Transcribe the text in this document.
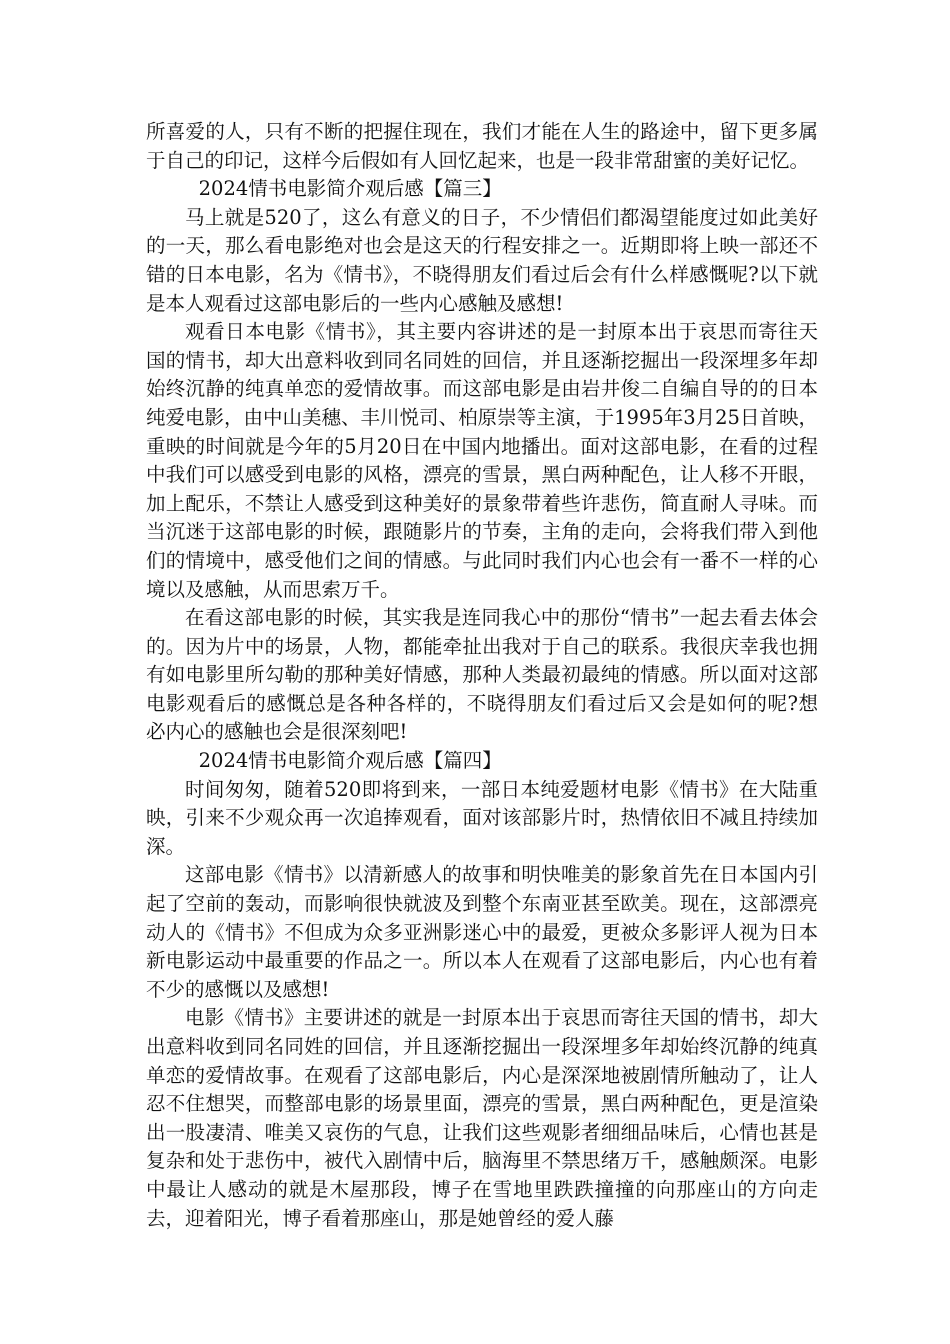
所喜爱的人，只有不断的把握住现在，我们才能在人生的路途中，留下更多属于自己的印记，这样今后假如有人回忆起来，也是一段非常甜蜜的美好记忆。

2024情书电影简介观后感【篇三】

马上就是520了，这么有意义的日子，不少情侣们都渴望能度过如此美好的一天，那么看电影绝对也会是这天的行程安排之一。近期即将上映一部还不错的日本电影，名为《情书》，不晓得朋友们看过后会有什么样感慨呢?以下就是本人观看过这部电影后的一些内心感触及感想!

观看日本电影《情书》，其主要内容讲述的是一封原本出于哀思而寄往天国的情书，却大出意料收到同名同姓的回信，并且逐渐挖掘出一段深埋多年却始终沉静的纯真单恋的爱情故事。而这部电影是由岩井俊二自编自导的的日本纯爱电影，由中山美穗、丰川悦司、柏原崇等主演，于1995年3月25日首映，重映的时间就是今年的5月20日在中国内地播出。面对这部电影，在看的过程中我们可以感受到电影的风格，漂亮的雪景，黑白两种配色，让人移不开眼，加上配乐，不禁让人感受到这种美好的景象带着些许悲伤，简直耐人寻味。而当沉迷于这部电影的时候，跟随影片的节奏，主角的走向，会将我们带入到他们的情境中，感受他们之间的情感。与此同时我们内心也会有一番不一样的心境以及感触，从而思索万千。

在看这部电影的时候，其实我是连同我心中的那份“情书”一起去看去体会的。因为片中的场景，人物，都能牵扯出我对于自己的联系。我很庆幸我也拥有如电影里所勾勒的那种美好情感，那种人类最初最纯的情感。所以面对这部电影观看后的感慨总是各种各样的，不晓得朋友们看过后又会是如何的呢?想必内心的感触也会是很深刻吧!

2024情书电影简介观后感【篇四】

时间匆匆，随着520即将到来，一部日本纯爱题材电影《情书》在大陆重映，引来不少观众再一次追捧观看，面对该部影片时，热情依旧不减且持续加深。

这部电影《情书》以清新感人的故事和明快唯美的影象首先在日本国内引起了空前的轰动，而影响很快就波及到整个东南亚甚至欧美。现在，这部漂亮动人的《情书》不但成为众多亚洲影迷心中的最爱，更被众多影评人视为日本新电影运动中最重要的作品之一。所以本人在观看了这部电影后，内心也有着不少的感慨以及感想!

电影《情书》主要讲述的就是一封原本出于哀思而寄往天国的情书，却大出意料收到同名同姓的回信，并且逐渐挖掘出一段深埋多年却始终沉静的纯真单恋的爱情故事。在观看了这部电影后，内心是深深地被剧情所触动了，让人忍不住想哭，而整部电影的场景里面，漂亮的雪景，黑白两种配色，更是渲染出一股凄清、唯美又哀伤的气息，让我们这些观影者细细品味后，心情也甚是复杂和处于悲伤中，被代入剧情中后，脑海里不禁思绪万千，感触颇深。电影中最让人感动的就是木屋那段，博子在雪地里跌跌撞撞的向那座山的方向走去，迎着阳光，博子看着那座山，那是她曾经的爱人藤
